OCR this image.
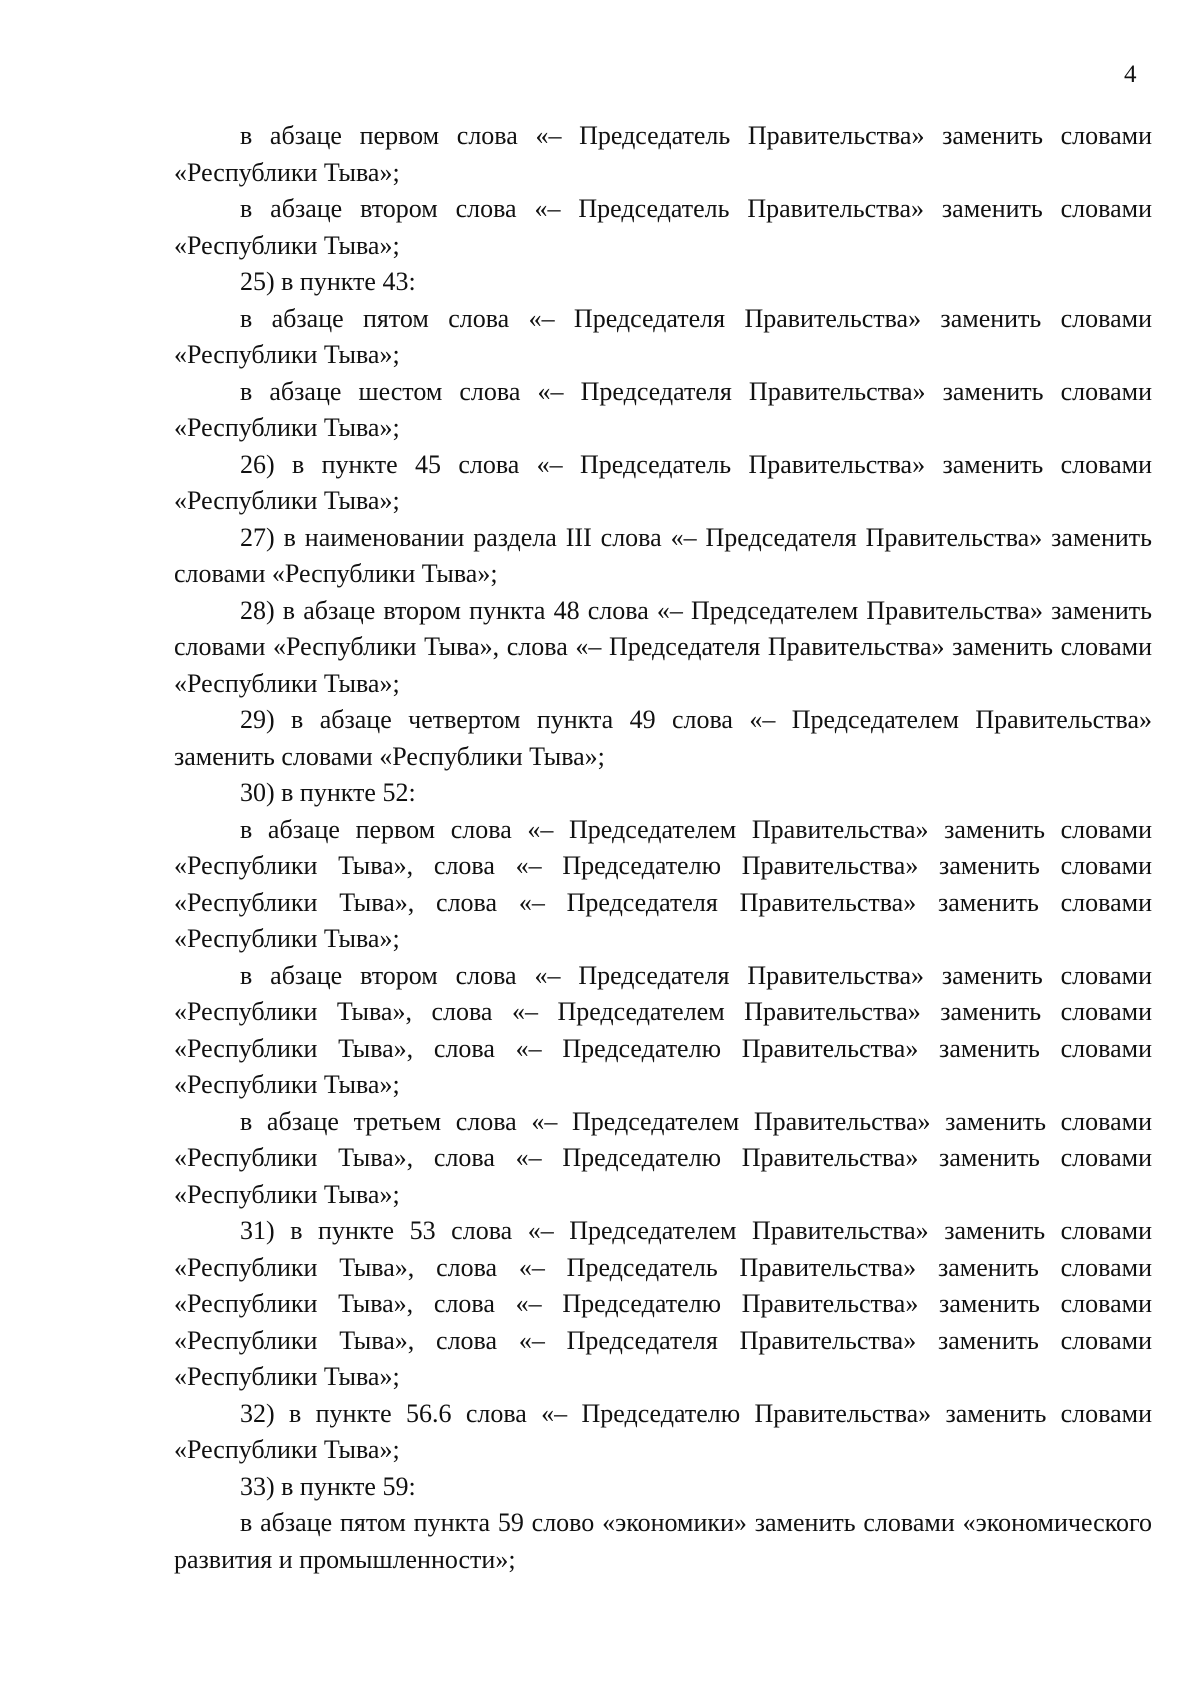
4

в абзаце первом слова «– Председатель Правительства» заменить словами «Республики Тыва»;

в абзаце втором слова «– Председатель Правительства» заменить словами «Республики Тыва»;

25) в пункте 43:

в абзаце пятом слова «– Председателя Правительства» заменить словами «Республики Тыва»;

в абзаце шестом слова «– Председателя Правительства» заменить словами «Республики Тыва»;

26) в пункте 45 слова «– Председатель Правительства» заменить словами «Республики Тыва»;

27) в наименовании раздела III слова «– Председателя Правительства» заменить словами «Республики Тыва»;

28) в абзаце втором пункта 48 слова «– Председателем Правительства» заменить словами «Республики Тыва», слова «– Председателя Правительства» заменить словами «Республики Тыва»;

29) в абзаце четвертом пункта 49 слова «– Председателем Правительства» заменить словами «Республики Тыва»;

30) в пункте 52:

в абзаце первом слова «– Председателем Правительства» заменить словами «Республики Тыва», слова «– Председателю Правительства» заменить словами «Республики Тыва», слова «– Председателя Правительства» заменить словами «Республики Тыва»;

в абзаце втором слова «– Председателя Правительства» заменить словами «Республики Тыва», слова «– Председателем Правительства» заменить словами «Республики Тыва», слова «– Председателю Правительства» заменить словами «Республики Тыва»;

в абзаце третьем слова «– Председателем Правительства» заменить словами «Республики Тыва», слова «– Председателю Правительства» заменить словами «Республики Тыва»;

31) в пункте 53 слова «– Председателем Правительства» заменить словами «Республики Тыва», слова «– Председатель Правительства» заменить словами «Республики Тыва», слова «– Председателю Правительства» заменить словами «Республики Тыва», слова «– Председателя Правительства» заменить словами «Республики Тыва»;

32) в пункте 56.6 слова «– Председателю Правительства» заменить словами «Республики Тыва»;

33) в пункте 59:

в абзаце пятом пункта 59 слово «экономики» заменить словами «экономического развития и промышленности»;
